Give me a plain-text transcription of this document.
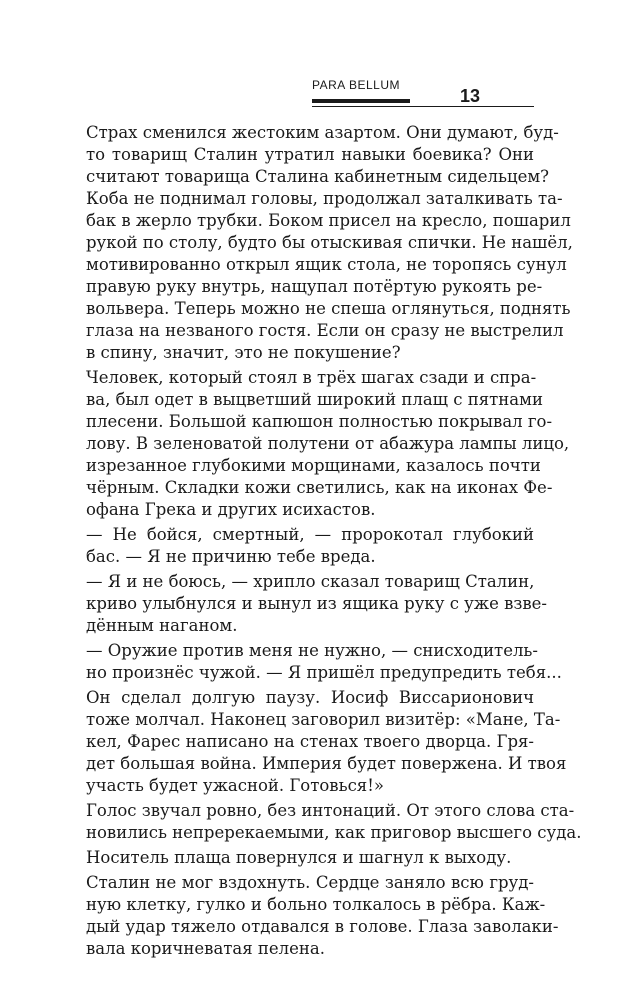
PARA BELLUM
13
Страх сменился жестоким азартом. Они думают, буд-
то товарищ Сталин утратил навыки боевика? Они
считают товарища Сталина кабинетным сидельцем?
Коба не поднимал головы, продолжал заталкивать та-
бак в жерло трубки. Боком присел на кресло, пошарил
рукой по столу, будто бы отыскивая спички. Не нашёл,
мотивированно открыл ящик стола, не торопясь сунул
правую руку внутрь, нащупал потёртую рукоять ре-
вольвера. Теперь можно не спеша оглянуться, поднять
глаза на незваного гостя. Если он сразу не выстрелил
в спину, значит, это не покушение?
Человек, который стоял в трёх шагах сзади и спра-
ва, был одет в выцветший широкий плащ с пятнами
плесени. Большой капюшон полностью покрывал го-
лову. В зеленоватой полутени от абажура лампы лицо,
изрезанное глубокими морщинами, казалось почти
чёрным. Складки кожи светились, как на иконах Фе-
офана Грека и других исихастов.
— Не бойся, смертный, — пророкотал глубокий
бас. — Я не причиню тебе вреда.
— Я и не боюсь, — хрипло сказал товарищ Сталин,
криво улыбнулся и вынул из ящика руку с уже взве-
дённым наганом.
— Оружие против меня не нужно, — снисходитель-
но произнёс чужой. — Я пришёл предупредить тебя...
Он сделал долгую паузу. Иосиф Виссарионович
тоже молчал. Наконец заговорил визитёр: «Мане, Та-
кел, Фарес написано на стенах твоего дворца. Гря-
дет большая война. Империя будет повержена. И твоя
участь будет ужасной. Готовься!»
Голос звучал ровно, без интонаций. От этого слова ста-
новились непререкаемыми, как приговор высшего суда.
Носитель плаща повернулся и шагнул к выходу.
Сталин не мог вздохнуть. Сердце заняло всю груд-
ную клетку, гулко и больно толкалось в рёбра. Каж-
дый удар тяжело отдавался в голове. Глаза заволаки-
вала коричневатая пелена.
